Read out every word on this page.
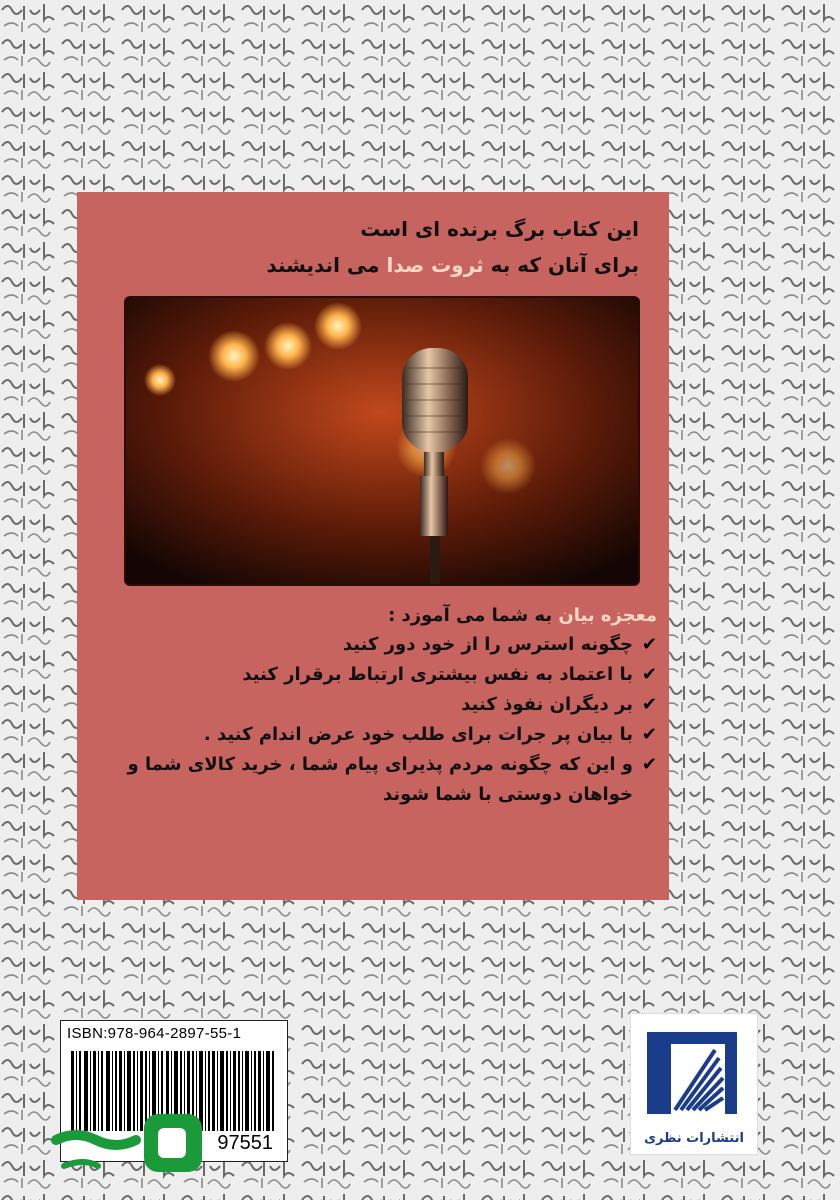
این کتاب برگ برنده ای است
برای آنان که به ثروت صدا می اندیشند
معجزه بیان به شما می آموزد :
✔
چگونه استرس را از خود دور کنید
✔
با اعتماد به نفس بیشتری ارتباط برقرار کنید
✔
بر دیگران نفوذ کنید
✔
با بیان پر جرات برای طلب خود عرض اندام کنید .
✔
و این که چگونه مردم پذیرای پیام شما ، خرید کالای شما و خواهان دوستی با شما شوند
ISBN:978-964-2897-55-1
97551	انتشارات نظری
